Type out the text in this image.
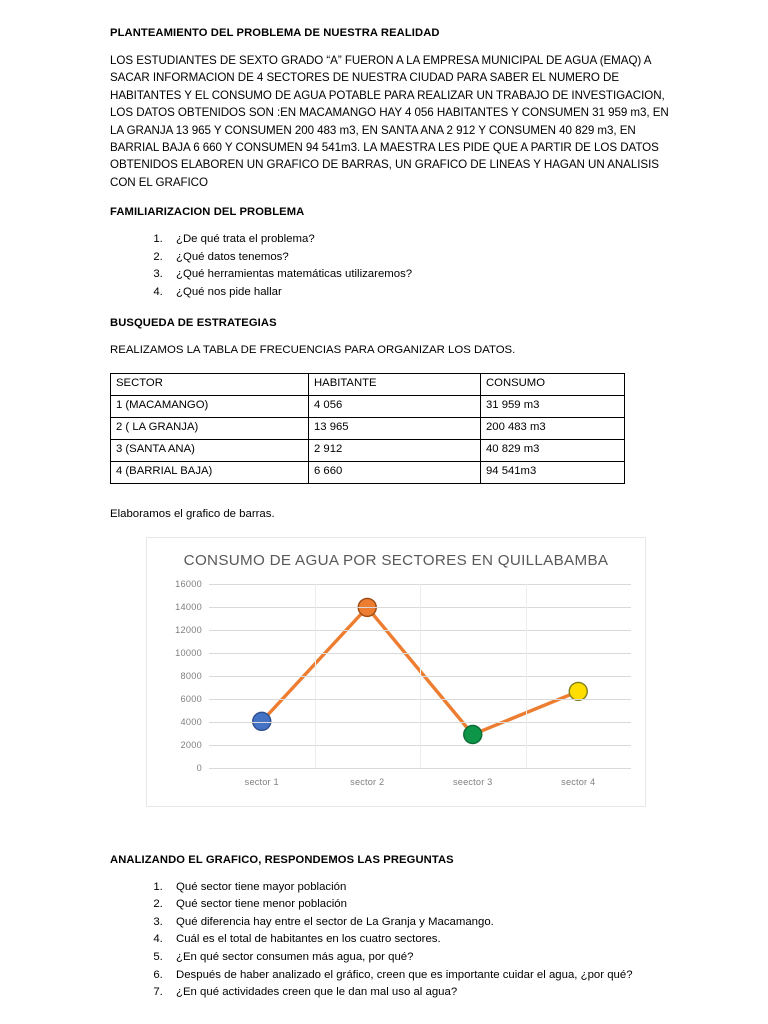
PLANTEAMIENTO DEL PROBLEMA DE NUESTRA REALIDAD

LOS ESTUDIANTES DE SEXTO GRADO “A” FUERON A LA EMPRESA MUNICIPAL DE AGUA (EMAQ) A SACAR INFORMACION DE 4 SECTORES DE NUESTRA CIUDAD PARA SABER EL NUMERO DE HABITANTES Y EL CONSUMO DE AGUA POTABLE PARA REALIZAR UN TRABAJO DE INVESTIGACION, LOS DATOS OBTENIDOS SON :EN MACAMANGO HAY 4 056 HABITANTES Y CONSUMEN 31 959 m3, EN LA GRANJA 13 965 Y CONSUMEN 200 483 m3, EN SANTA ANA 2 912 Y CONSUMEN 40 829 m3, EN BARRIAL BAJA 6 660 Y CONSUMEN 94 541m3. LA MAESTRA LES PIDE QUE A PARTIR DE LOS DATOS OBTENIDOS ELABOREN UN GRAFICO DE BARRAS, UN GRAFICO DE LINEAS Y HAGAN UN ANALISIS CON EL GRAFICO

FAMILIARIZACION DEL PROBLEMA
1. ¿De qué trata el problema?
2. ¿Qué datos tenemos?
3. ¿Qué herramientas matemáticas utilizaremos?
4. ¿Qué nos pide hallar
BUSQUEDA DE ESTRATEGIAS

REALIZAMOS LA TABLA DE FRECUENCIAS PARA ORGANIZAR LOS DATOS.

SECTOR	HABITANTE	CONSUMO
1 (MACAMANGO)	4 056	31 959 m3
2 ( LA GRANJA)	13 965	200 483 m3
3 (SANTA ANA)	2 912	40 829 m3
4 (BARRIAL BAJA)	6 660	94 541m3

Elaboramos el grafico de barras.

CONSUMO DE AGUA POR SECTORES EN QUILLABAMBA
16000
14000
12000
10000
8000
6000
4000
2000
0
sector 1	sector 2	seector 3	sector 4
ANALIZANDO EL GRAFICO, RESPONDEMOS LAS PREGUNTAS
1. Qué sector tiene mayor población
2. Qué sector tiene menor población
3. Qué diferencia hay entre el sector de La Granja y Macamango.
4. Cuál es el total de habitantes en los cuatro sectores.
5. ¿En qué sector consumen más agua, por qué?
6. Después de haber analizado el gráfico, creen que es importante cuidar el agua, ¿por qué?
7. ¿En qué actividades creen que le dan mal uso al agua?
